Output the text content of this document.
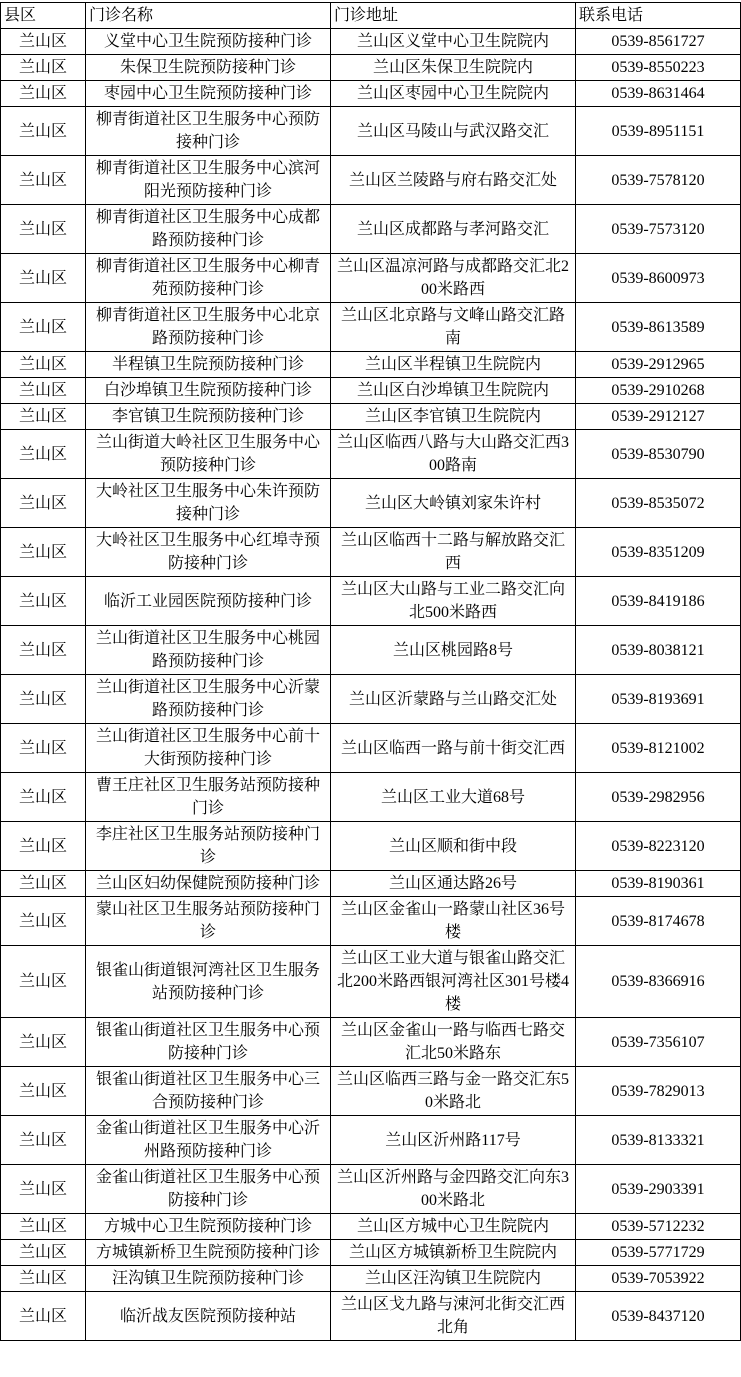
县区	门诊名称	门诊地址	联系电话
兰山区	义堂中心卫生院预防接种门诊	兰山区义堂中心卫生院院内	0539-8561727
兰山区	朱保卫生院预防接种门诊	兰山区朱保卫生院院内	0539-8550223
兰山区	枣园中心卫生院预防接种门诊	兰山区枣园中心卫生院院内	0539-8631464
兰山区	柳青街道社区卫生服务中心预防接种门诊	兰山区马陵山与武汉路交汇	0539-8951151
兰山区	柳青街道社区卫生服务中心滨河阳光预防接种门诊	兰山区兰陵路与府右路交汇处	0539-7578120
兰山区	柳青街道社区卫生服务中心成都路预防接种门诊	兰山区成都路与孝河路交汇	0539-7573120
兰山区	柳青街道社区卫生服务中心柳青苑预防接种门诊	兰山区温凉河路与成都路交汇北200米路西	0539-8600973
兰山区	柳青街道社区卫生服务中心北京路预防接种门诊	兰山区北京路与文峰山路交汇路南	0539-8613589
兰山区	半程镇卫生院预防接种门诊	兰山区半程镇卫生院院内	0539-2912965
兰山区	白沙埠镇卫生院预防接种门诊	兰山区白沙埠镇卫生院院内	0539-2910268
兰山区	李官镇卫生院预防接种门诊	兰山区李官镇卫生院院内	0539-2912127
兰山区	兰山街道大岭社区卫生服务中心预防接种门诊	兰山区临西八路与大山路交汇西300路南	0539-8530790
兰山区	大岭社区卫生服务中心朱许预防接种门诊	兰山区大岭镇刘家朱许村	0539-8535072
兰山区	大岭社区卫生服务中心红埠寺预防接种门诊	兰山区临西十二路与解放路交汇西	0539-8351209
兰山区	临沂工业园医院预防接种门诊	兰山区大山路与工业二路交汇向北500米路西	0539-8419186
兰山区	兰山街道社区卫生服务中心桃园路预防接种门诊	兰山区桃园路8号	0539-8038121
兰山区	兰山街道社区卫生服务中心沂蒙路预防接种门诊	兰山区沂蒙路与兰山路交汇处	0539-8193691
兰山区	兰山街道社区卫生服务中心前十大街预防接种门诊	兰山区临西一路与前十街交汇西	0539-8121002
兰山区	曹王庄社区卫生服务站预防接种门诊	兰山区工业大道68号	0539-2982956
兰山区	李庄社区卫生服务站预防接种门诊	兰山区顺和街中段	0539-8223120
兰山区	兰山区妇幼保健院预防接种门诊	兰山区通达路26号	0539-8190361
兰山区	蒙山社区卫生服务站预防接种门诊	兰山区金雀山一路蒙山社区36号楼	0539-8174678
兰山区	银雀山街道银河湾社区卫生服务站预防接种门诊	兰山区工业大道与银雀山路交汇北200米路西银河湾社区301号楼4楼	0539-8366916
兰山区	银雀山街道社区卫生服务中心预防接种门诊	兰山区金雀山一路与临西七路交汇北50米路东	0539-7356107
兰山区	银雀山街道社区卫生服务中心三合预防接种门诊	兰山区临西三路与金一路交汇东50米路北	0539-7829013
兰山区	金雀山街道社区卫生服务中心沂州路预防接种门诊	兰山区沂州路117号	0539-8133321
兰山区	金雀山街道社区卫生服务中心预防接种门诊	兰山区沂州路与金四路交汇向东300米路北	0539-2903391
兰山区	方城中心卫生院预防接种门诊	兰山区方城中心卫生院院内	0539-5712232
兰山区	方城镇新桥卫生院预防接种门诊	兰山区方城镇新桥卫生院院内	0539-5771729
兰山区	汪沟镇卫生院预防接种门诊	兰山区汪沟镇卫生院院内	0539-7053922
兰山区	临沂战友医院预防接种站	兰山区戈九路与涑河北街交汇西北角	0539-8437120
